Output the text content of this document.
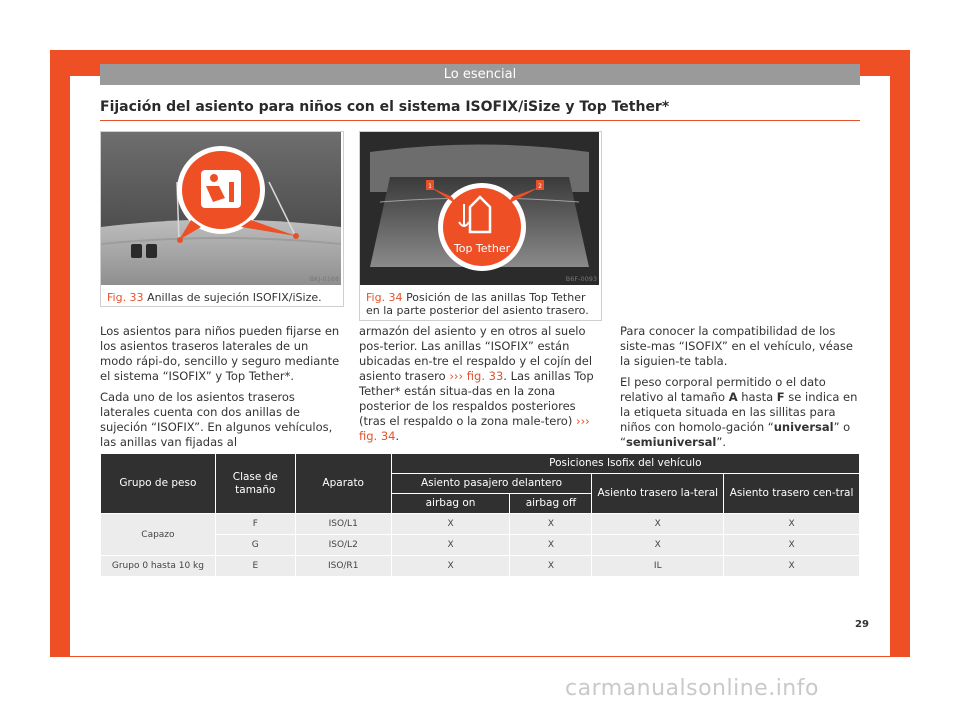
Lo esencial
Fijación del asiento para niños con el sistema ISOFIX/iSize y Top Tether*
BKJ-0168
Fig. 33 Anillas de sujeción ISOFIX/iSize.
1	2
Top Tether
B6F-0093
Fig. 34 Posición de las anillas Top Tether en la parte posterior del asiento trasero.

Los asientos para niños pueden fijarse en los asientos traseros laterales de un modo rápi-do, sencillo y seguro mediante el sistema “ISOFIX” y Top Tether*.

Cada uno de los asientos traseros laterales cuenta con dos anillas de sujeción “ISOFIX”. En algunos vehículos, las anillas van fijadas al

armazón del asiento y en otros al suelo pos-terior. Las anillas “ISOFIX” están ubicadas en-tre el respaldo y el cojín del asiento trasero ››› fig. 33. Las anillas Top Tether* están situa-das en la zona posterior de los respaldos posteriores (tras el respaldo o la zona male-tero) ››› fig. 34.

Para conocer la compatibilidad de los siste-mas “ISOFIX” en el vehículo, véase la siguien-te tabla.

El peso corporal permitido o el dato relativo al tamaño A hasta F se indica en la etiqueta situada en las sillitas para niños con homolo-gación “universal” o “semiuniversal”.

Grupo de peso	Clase de tamaño	Aparato	Posiciones Isofix del vehículo			
			Asiento pasajero delantero		Asiento trasero la-teral	Asiento trasero cen-tral
			airbag on	airbag off		
Capazo	F	ISO/L1	X	X	X	X
	G	ISO/L2	X	X	X	X
Grupo 0 hasta 10 kg	E	ISO/R1	X	X	IL	X
»
29
carmanualsonline.info
